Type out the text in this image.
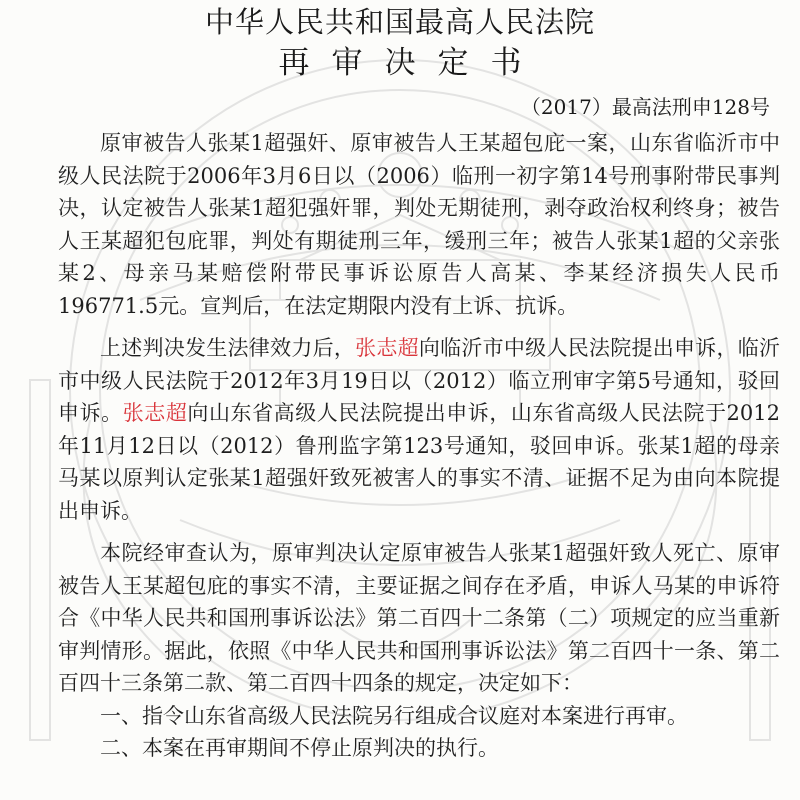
中华人民共和国最高人民法院
再审决定书
（2017）最高法刑申128号

原审被告人张某1超强奸、原审被告人王某超包庇一案，山东省临沂市中级人民法院于2006年3月6日以（2006）临刑一初字第14号刑事附带民事判决，认定被告人张某1超犯强奸罪，判处无期徒刑，剥夺政治权利终身；被告人王某超犯包庇罪，判处有期徒刑三年，缓刑三年；被告人张某1超的父亲张某2、母亲马某赔偿附带民事诉讼原告人高某、李某经济损失人民币196771.5元。宣判后，在法定期限内没有上诉、抗诉。

上述判决发生法律效力后，张志超向临沂市中级人民法院提出申诉，临沂市中级人民法院于2012年3月19日以（2012）临立刑审字第5号通知，驳回申诉。张志超向山东省高级人民法院提出申诉，山东省高级人民法院于2012年11月12日以（2012）鲁刑监字第123号通知，驳回申诉。张某1超的母亲马某以原判认定张某1超强奸致死被害人的事实不清、证据不足为由向本院提出申诉。

本院经审查认为，原审判决认定原审被告人张某1超强奸致人死亡、原审被告人王某超包庇的事实不清，主要证据之间存在矛盾，申诉人马某的申诉符合《中华人民共和国刑事诉讼法》第二百四十二条第（二）项规定的应当重新审判情形。据此，依照《中华人民共和国刑事诉讼法》第二百四十一条、第二百四十三条第二款、第二百四十四条的规定，决定如下：

一、指令山东省高级人民法院另行组成合议庭对本案进行再审。

二、本案在再审期间不停止原判决的执行。
